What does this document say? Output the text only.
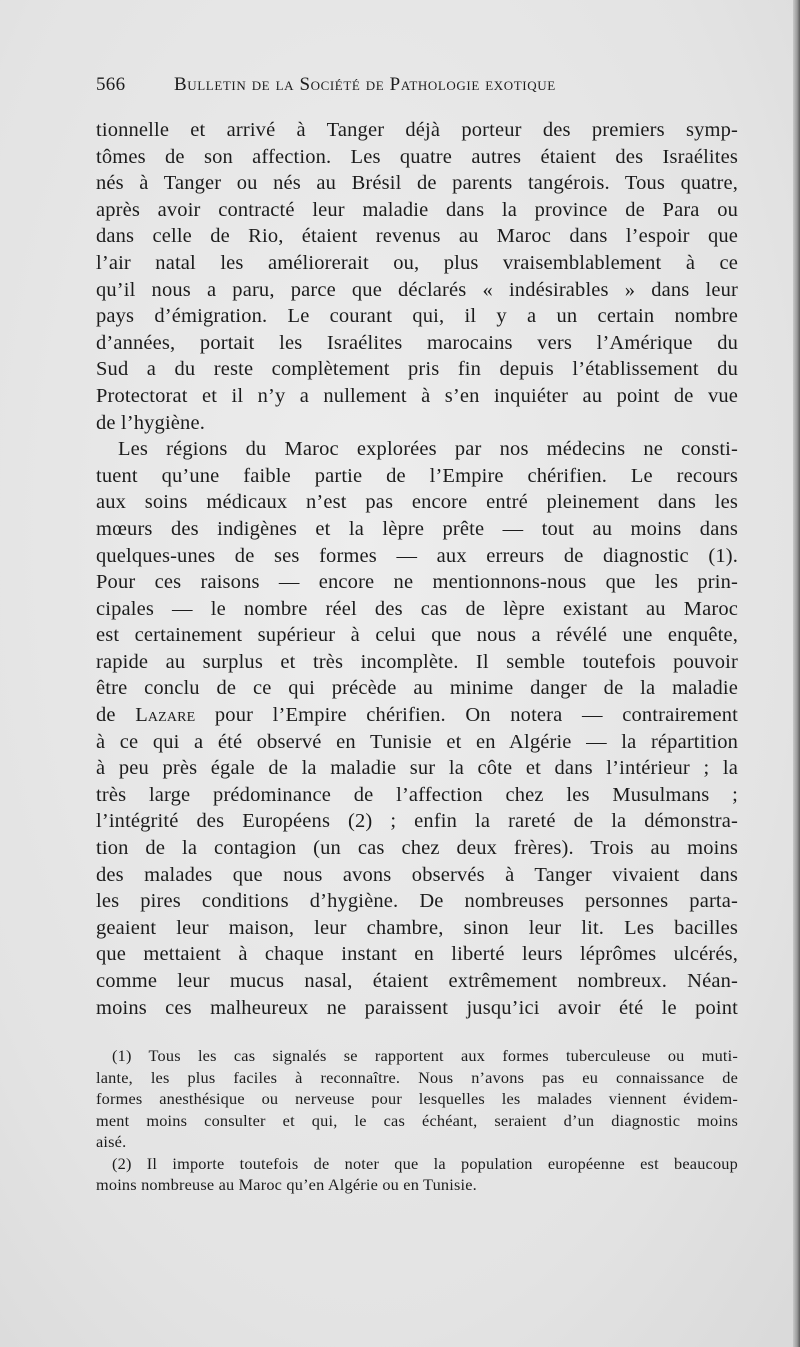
566	Bulletin de la Société de Pathologie exotique
tionnelle et arrivé à Tanger déjà porteur des premiers symp-
tômes de son affection. Les quatre autres étaient des Israélites
nés à Tanger ou nés au Brésil de parents tangérois. Tous quatre,
après avoir contracté leur maladie dans la province de Para ou
dans celle de Rio, étaient revenus au Maroc dans l’espoir que
l’air natal les améliorerait ou, plus vraisemblablement à ce
qu’il nous a paru, parce que déclarés « indésirables » dans leur
pays d’émigration. Le courant qui, il y a un certain nombre
d’années, portait les Israélites marocains vers l’Amérique du
Sud a du reste complètement pris fin depuis l’établissement du
Protectorat et il n’y a nullement à s’en inquiéter au point de vue
de l’hygiène.
Les régions du Maroc explorées par nos médecins ne consti-
tuent qu’une faible partie de l’Empire chérifien. Le recours
aux soins médicaux n’est pas encore entré pleinement dans les
mœurs des indigènes et la lèpre prête — tout au moins dans
quelques-unes de ses formes — aux erreurs de diagnostic (1).
Pour ces raisons — encore ne mentionnons-nous que les prin-
cipales — le nombre réel des cas de lèpre existant au Maroc
est certainement supérieur à celui que nous a révélé une enquête,
rapide au surplus et très incomplète. Il semble toutefois pouvoir
être conclu de ce qui précède au minime danger de la maladie
de Lazare pour l’Empire chérifien. On notera — contrairement
à ce qui a été observé en Tunisie et en Algérie — la répartition
à peu près égale de la maladie sur la côte et dans l’intérieur ; la
très large prédominance de l’affection chez les Musulmans ;
l’intégrité des Européens (2) ; enfin la rareté de la démonstra-
tion de la contagion (un cas chez deux frères). Trois au moins
des malades que nous avons observés à Tanger vivaient dans
les pires conditions d’hygiène. De nombreuses personnes parta-
geaient leur maison, leur chambre, sinon leur lit. Les bacilles
que mettaient à chaque instant en liberté leurs léprômes ulcérés,
comme leur mucus nasal, étaient extrêmement nombreux. Néan-
moins ces malheureux ne paraissent jusqu’ici avoir été le point
(1) Tous les cas signalés se rapportent aux formes tuberculeuse ou muti-
lante, les plus faciles à reconnaître. Nous n’avons pas eu connaissance de
formes anesthésique ou nerveuse pour lesquelles les malades viennent évidem-
ment moins consulter et qui, le cas échéant, seraient d’un diagnostic moins
aisé.
(2) Il importe toutefois de noter que la population européenne est beaucoup
moins nombreuse au Maroc qu’en Algérie ou en Tunisie.
